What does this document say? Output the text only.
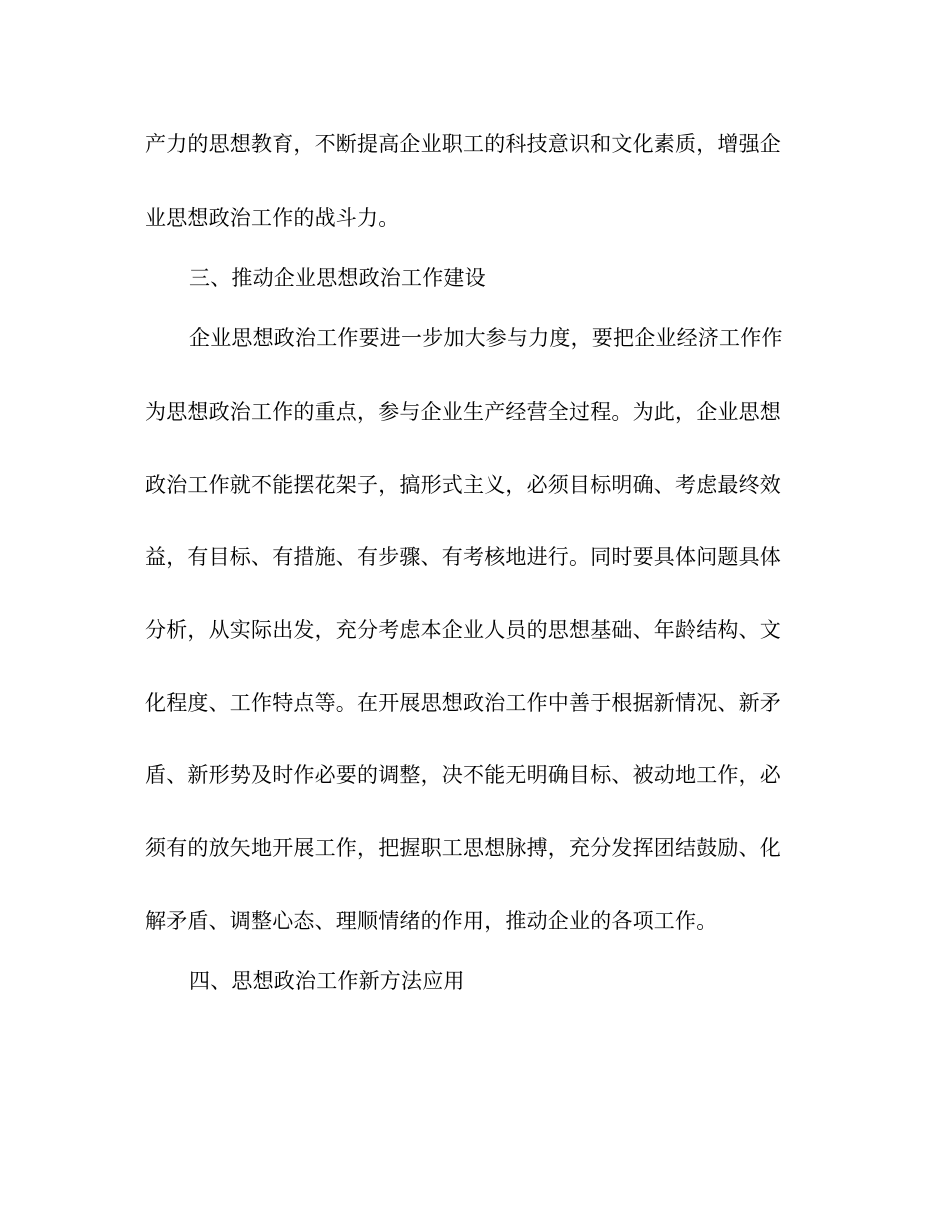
产力的思想教育，不断提高企业职工的科技意识和文化素质，增强企

业思想政治工作的战斗力。

三、推动企业思想政治工作建设

企业思想政治工作要进一步加大参与力度，要把企业经济工作作

为思想政治工作的重点，参与企业生产经营全过程。为此，企业思想

政治工作就不能摆花架子，搞形式主义，必须目标明确、考虑最终效

益，有目标、有措施、有步骤、有考核地进行。同时要具体问题具体

分析，从实际出发，充分考虑本企业人员的思想基础、年龄结构、文

化程度、工作特点等。在开展思想政治工作中善于根据新情况、新矛

盾、新形势及时作必要的调整，决不能无明确目标、被动地工作，必

须有的放矢地开展工作，把握职工思想脉搏，充分发挥团结鼓励、化

解矛盾、调整心态、理顺情绪的作用，推动企业的各项工作。

四、思想政治工作新方法应用
